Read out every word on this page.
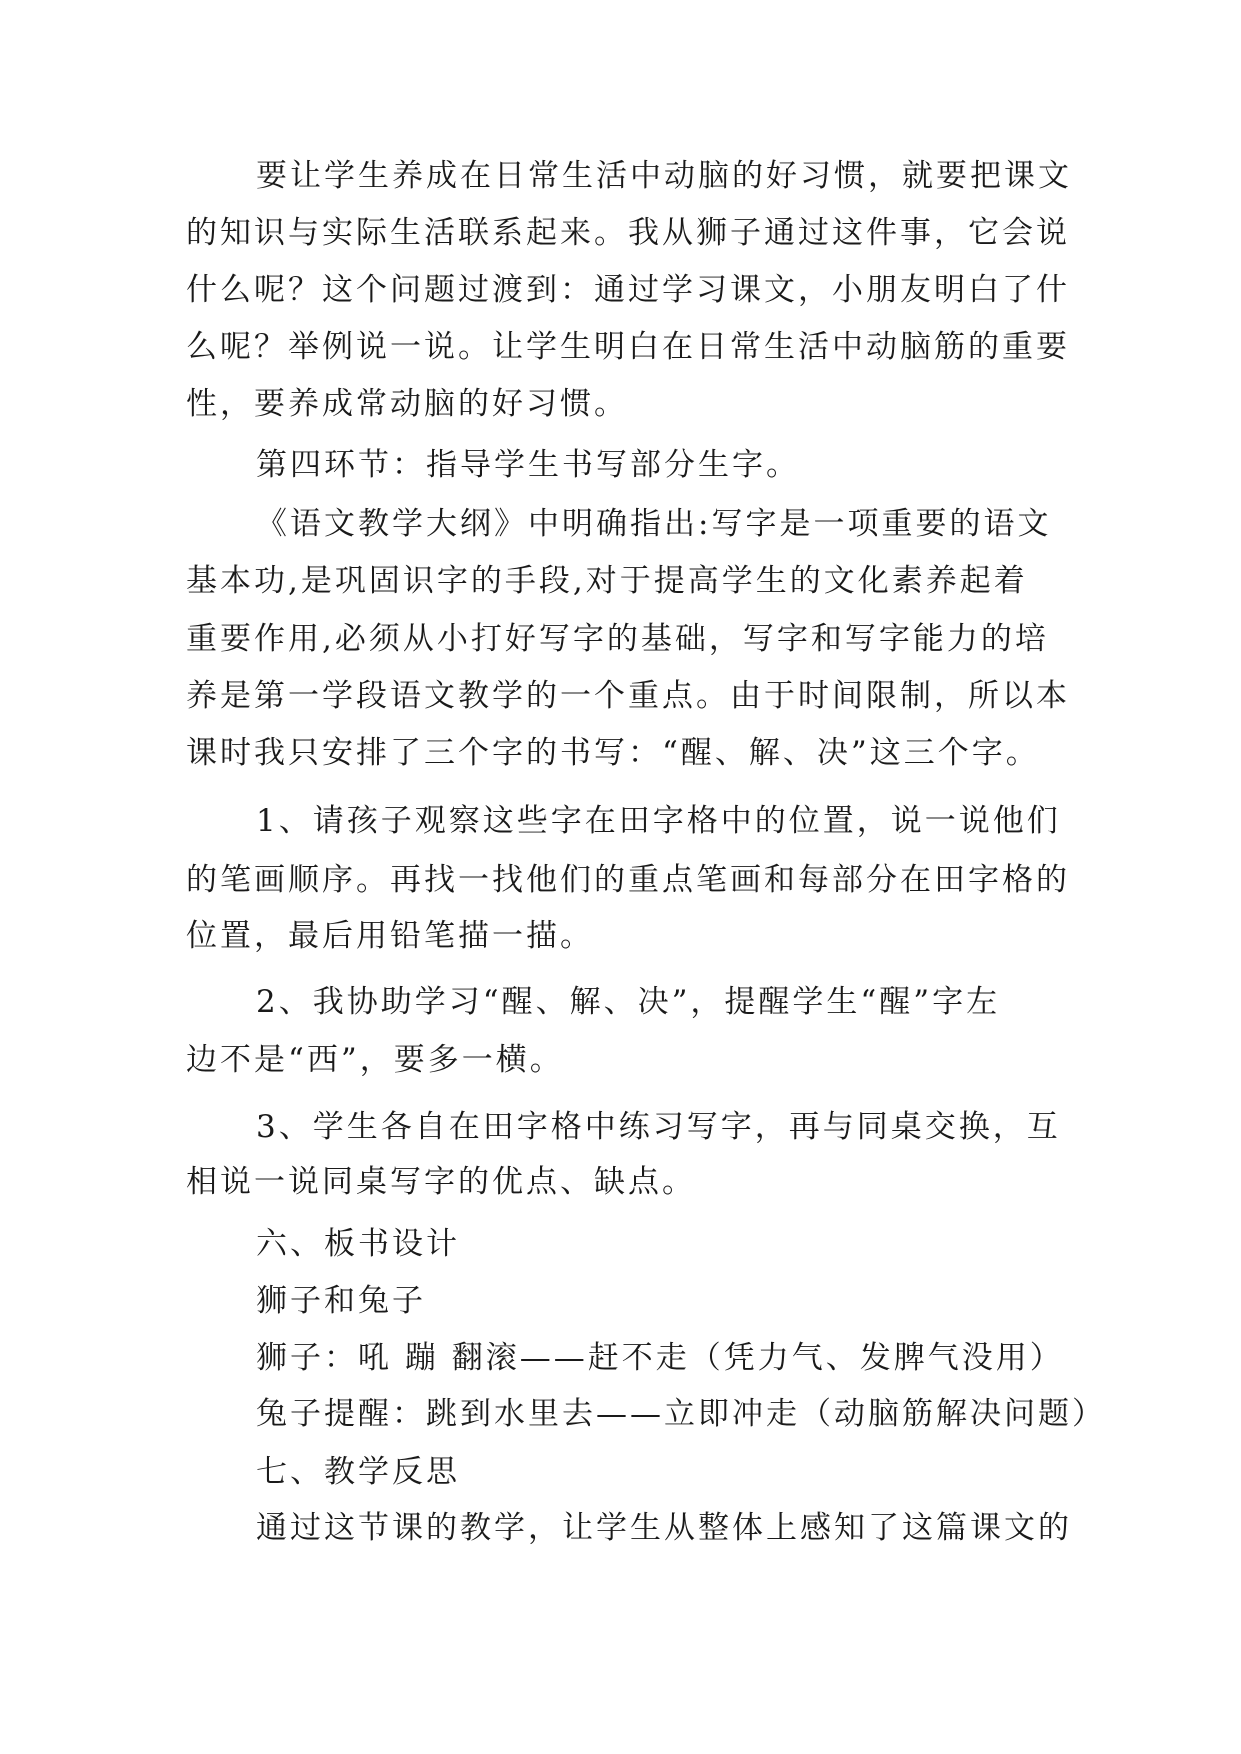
要让学生养成在日常生活中动脑的好习惯，就要把课文
的知识与实际生活联系起来。我从狮子通过这件事，它会说
什么呢？这个问题过渡到：通过学习课文，小朋友明白了什
么呢？举例说一说。让学生明白在日常生活中动脑筋的重要
性，要养成常动脑的好习惯。
第四环节：指导学生书写部分生字。
《语文教学大纲》中明确指出:写字是一项重要的语文
基本功,是巩固识字的手段,对于提高学生的文化素养起着
重要作用,必须从小打好写字的基础，写字和写字能力的培
养是第一学段语文教学的一个重点。由于时间限制，所以本
课时我只安排了三个字的书写：“醒、解、决”这三个字。
1、请孩子观察这些字在田字格中的位置，说一说他们
的笔画顺序。再找一找他们的重点笔画和每部分在田字格的
位置，最后用铅笔描一描。
2、我协助学习“醒、解、决”，提醒学生“醒”字左
边不是“西”，要多一横。
3、学生各自在田字格中练习写字，再与同桌交换，互
相说一说同桌写字的优点、缺点。
六、板书设计
狮子和兔子
狮子：吼 蹦 翻滚——赶不走（凭力气、发脾气没用）
兔子提醒：跳到水里去——立即冲走（动脑筋解决问题）
七、教学反思
通过这节课的教学，让学生从整体上感知了这篇课文的
